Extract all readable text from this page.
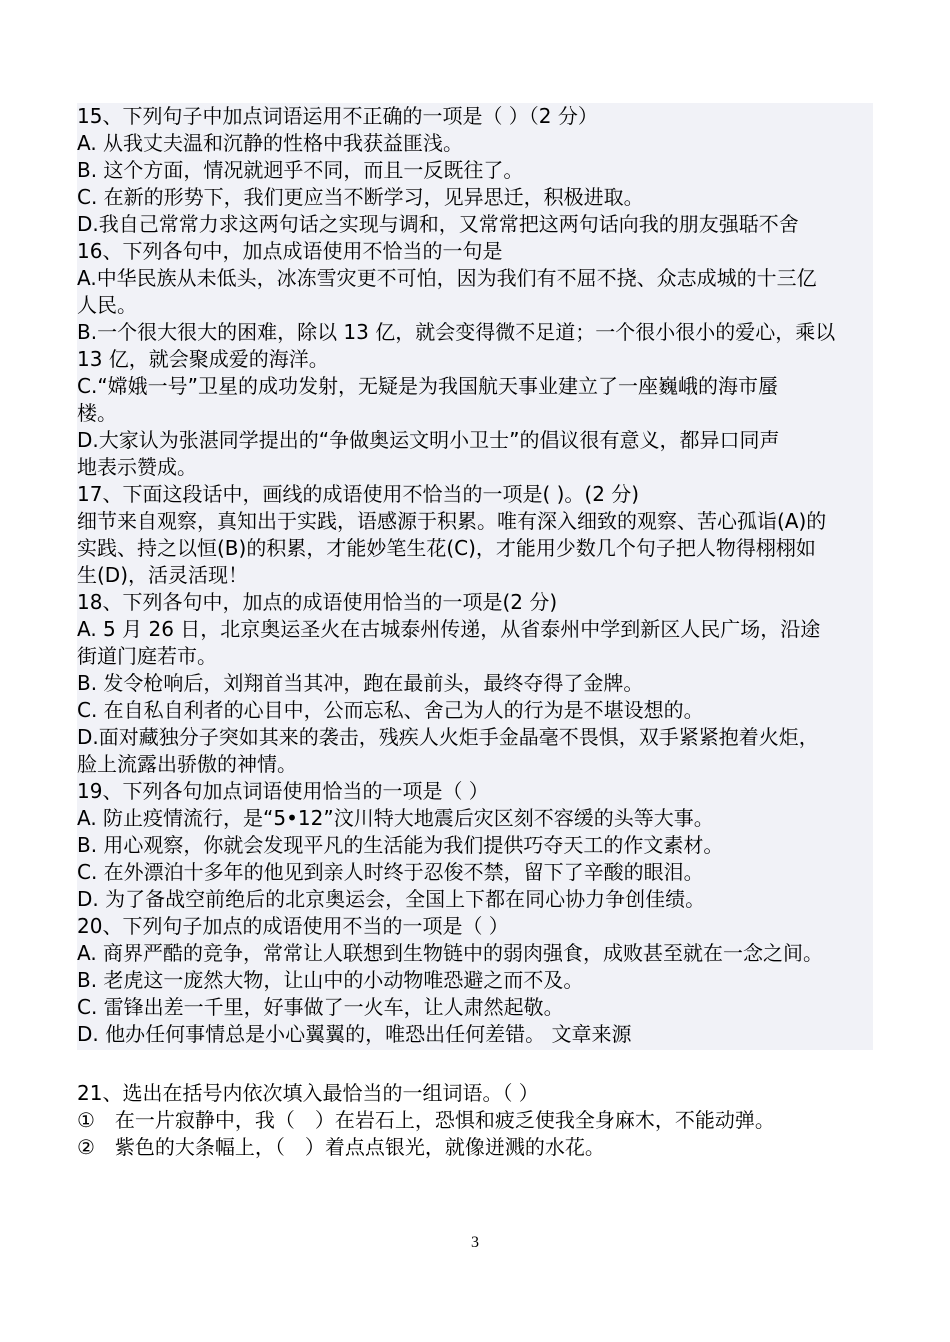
15、下列句子中加点词语运用不正确的一项是（ ）（2 分）
A. 从我丈夫温和沉静的性格中我获益匪浅。
B. 这个方面，情况就迥乎不同，而且一反既往了。
C. 在新的形势下，我们更应当不断学习，见异思迁，积极进取。
D.我自己常常力求这两句话之实现与调和，又常常把这两句话向我的朋友强聒不舍
16、下列各句中，加点成语使用不恰当的一句是
A.中华民族从未低头，冰冻雪灾更不可怕，因为我们有不屈不挠、众志成城的十三亿
人民。
B.一个很大很大的困难，除以 13 亿，就会变得微不足道；一个很小很小的爱心，乘以
13 亿，就会聚成爱的海洋。
C.“嫦娥一号”卫星的成功发射，无疑是为我国航天事业建立了一座巍峨的海市蜃
楼。
D.大家认为张湛同学提出的“争做奥运文明小卫士”的倡议很有意义，都异口同声
地表示赞成。
17、下面这段话中，画线的成语使用不恰当的一项是( )。(2 分)
细节来自观察，真知出于实践，语感源于积累。唯有深入细致的观察、苦心孤诣(A)的
实践、持之以恒(B)的积累，才能妙笔生花(C)，才能用少数几个句子把人物得栩栩如
生(D)，活灵活现！
18、下列各句中，加点的成语使用恰当的一项是(2 分)
A. 5 月 26 日，北京奥运圣火在古城泰州传递，从省泰州中学到新区人民广场，沿途
街道门庭若市。
B. 发令枪响后，刘翔首当其冲，跑在最前头，最终夺得了金牌。
C. 在自私自利者的心目中，公而忘私、舍己为人的行为是不堪设想的。
D.面对藏独分子突如其来的袭击，残疾人火炬手金晶毫不畏惧，双手紧紧抱着火炬，
脸上流露出骄傲的神情。
19、下列各句加点词语使用恰当的一项是（ ）
A. 防止疫情流行，是“5•12”汶川特大地震后灾区刻不容缓的头等大事。
B. 用心观察，你就会发现平凡的生活能为我们提供巧夺天工的作文素材。
C. 在外漂泊十多年的他见到亲人时终于忍俊不禁，留下了辛酸的眼泪。
D. 为了备战空前绝后的北京奥运会，全国上下都在同心协力争创佳绩。
20、下列句子加点的成语使用不当的一项是（ ）
A. 商界严酷的竞争，常常让人联想到生物链中的弱肉强食，成败甚至就在一念之间。
B. 老虎这一庞然大物，让山中的小动物唯恐避之而不及。
C. 雷锋出差一千里，好事做了一火车，让人肃然起敬。
D. 他办任何事情总是小心翼翼的，唯恐出任何差错。 文章来源
21、选出在括号内依次填入最恰当的一组词语。（ ）
①　在一片寂静中，我（　）在岩石上，恐惧和疲乏使我全身麻木，不能动弹。
②　紫色的大条幅上，（　）着点点银光，就像迸溅的水花。
3
